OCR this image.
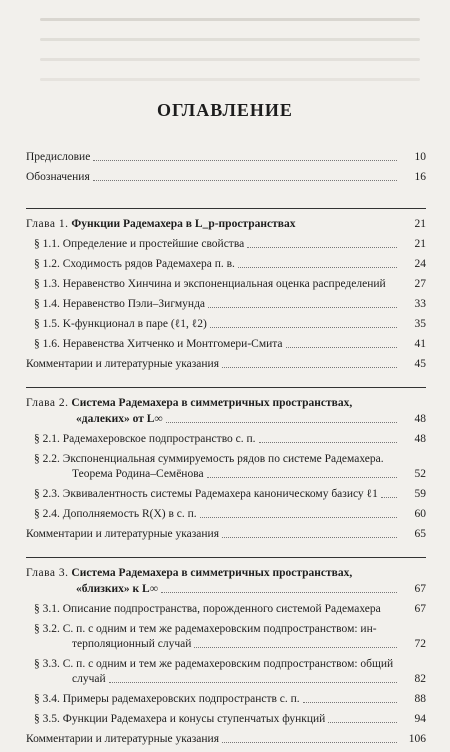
ОГЛАВЛЕНИЕ
Предисловие	10
Обозначения	16
Глава 1. Функции Радемахера в L_p-пространствах	21
§ 1.1. Определение и простейшие свойства	21
§ 1.2. Сходимость рядов Радемахера п. в.	24
§ 1.3. Неравенство Хинчина и экспоненциальная оценка распределений	27
§ 1.4. Неравенство Пэли–Зигмунда	33
§ 1.5. K-функционал в паре (ℓ1, ℓ2)	35
§ 1.6. Неравенства Хитченко и Монтгомери-Смита	41
Комментарии и литературные указания	45
Глава 2. Система Радемахера в симметричных пространствах,
«далеких» от L∞	48
§ 2.1. Радемахеровское подпространство с. п.	48
§ 2.2. Экспоненциальная суммируемость рядов по системе Радемахера.
Теорема Родина–Семёнова	52
§ 2.3. Эквивалентность системы Радемахера каноническому базису ℓ1	59
§ 2.4. Дополняемость R(X) в с. п.	60
Комментарии и литературные указания	65
Глава 3. Система Радемахера в симметричных пространствах,
«близких» к L∞	67
§ 3.1. Описание подпространства, порожденного системой Радемахера	67
§ 3.2. С. п. с одним и тем же радемахеровским подпространством: ин-
терполяционный случай	72
§ 3.3. С. п. с одним и тем же радемахеровским подпространством: общий
случай	82
§ 3.4. Примеры радемахеровских подпространств с. п.	88
§ 3.5. Функции Радемахера и конусы ступенчатых функций	94
Комментарии и литературные указания	106
